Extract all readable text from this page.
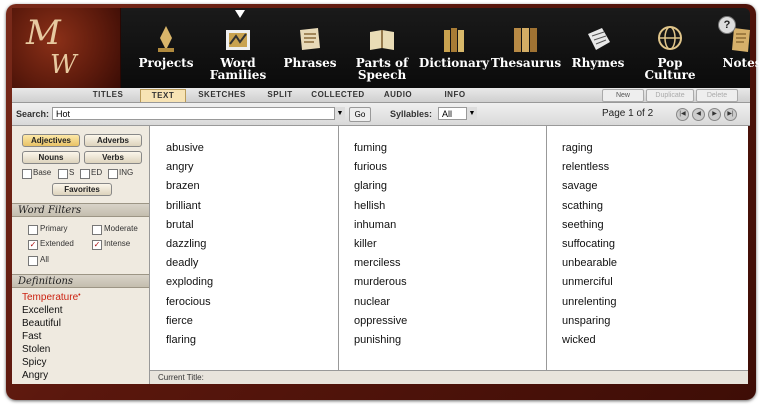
M
W	Projects	Word Families
Phrases	Parts of Speech
Dictionary Thesaurus Rhymes	Pop Culture
Notes
?
TITLES	TEXT	SKETCHES	SPLIT	COLLECTED	AUDIO	INFO	New	Duplicate	Delete
Search: Hot	▼	Go	Syllables:	All	▼	Page 1 of 2	|◀	◀	▶	▶|
Adjectives	Adverbs
Nouns	Verbs
Base S ED ING
Favorites
Word Filters
Primary
✓ Extended
All
Moderate
✓ Intense
Definitions
Temperature•
Excellent
Beautiful
Fast
Stolen
Spicy
Angry
abusive
angry
brazen
brilliant
brutal
dazzling
deadly
exploding
ferocious
fierce
flaring
fuming
furious
glaring
hellish
inhuman
killer
merciless
murderous
nuclear
oppressive
punishing
raging
relentless
savage
scathing
seething
suffocating
unbearable
unmerciful
unrelenting
unsparing
wicked
Current Title:
